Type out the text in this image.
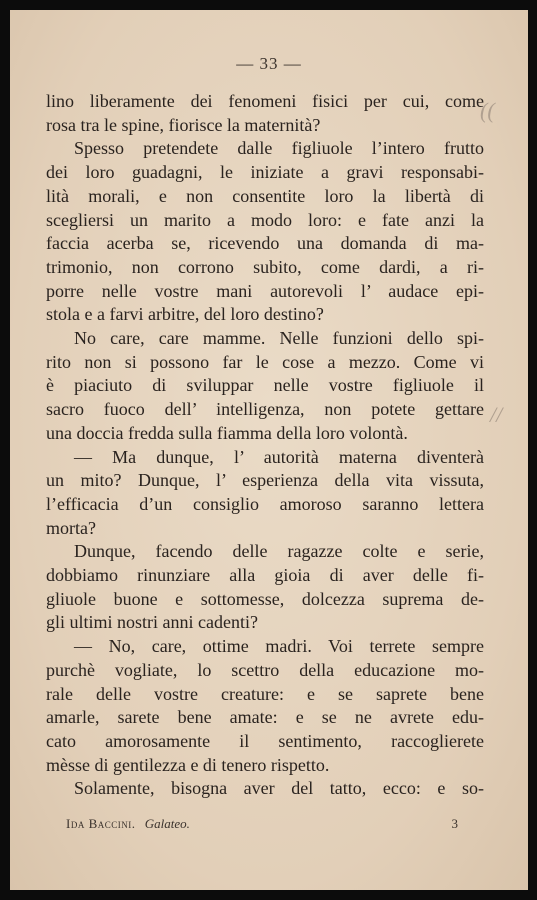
— 33 —
((
//
lino liberamente dei fenomeni fisici per cui, come
rosa tra le spine, fiorisce la maternità?
Spesso pretendete dalle figliuole l’intero frutto
dei loro guadagni, le iniziate a gravi responsabi-
lità morali, e non consentite loro la libertà di
scegliersi un marito a modo loro: e fate anzi la
faccia acerba se, ricevendo una domanda di ma-
trimonio, non corrono subito, come dardi, a ri-
porre nelle vostre mani autorevoli l’ audace epi-
stola e a farvi arbitre, del loro destino?
No care, care mamme. Nelle funzioni dello spi-
rito non si possono far le cose a mezzo. Come vi
è piaciuto di sviluppar nelle vostre figliuole il
sacro fuoco dell’ intelligenza, non potete gettare
una doccia fredda sulla fiamma della loro volontà.
— Ma dunque, l’ autorità materna diventerà
un mito? Dunque, l’ esperienza della vita vissuta,
l’efficacia d’un consiglio amoroso saranno lettera
morta?
Dunque, facendo delle ragazze colte e serie,
dobbiamo rinunziare alla gioia di aver delle fi-
gliuole buone e sottomesse, dolcezza suprema de-
gli ultimi nostri anni cadenti?
— No, care, ottime madri. Voi terrete sempre
purchè vogliate, lo scettro della educazione mo-
rale delle vostre creature: e se saprete bene
amarle, sarete bene amate: e se ne avrete edu-
cato amorosamente il sentimento, raccoglierete
mèsse di gentilezza e di tenero rispetto.
Solamente, bisogna aver del tatto, ecco: e so-
Ida Baccini. Galateo.	3
